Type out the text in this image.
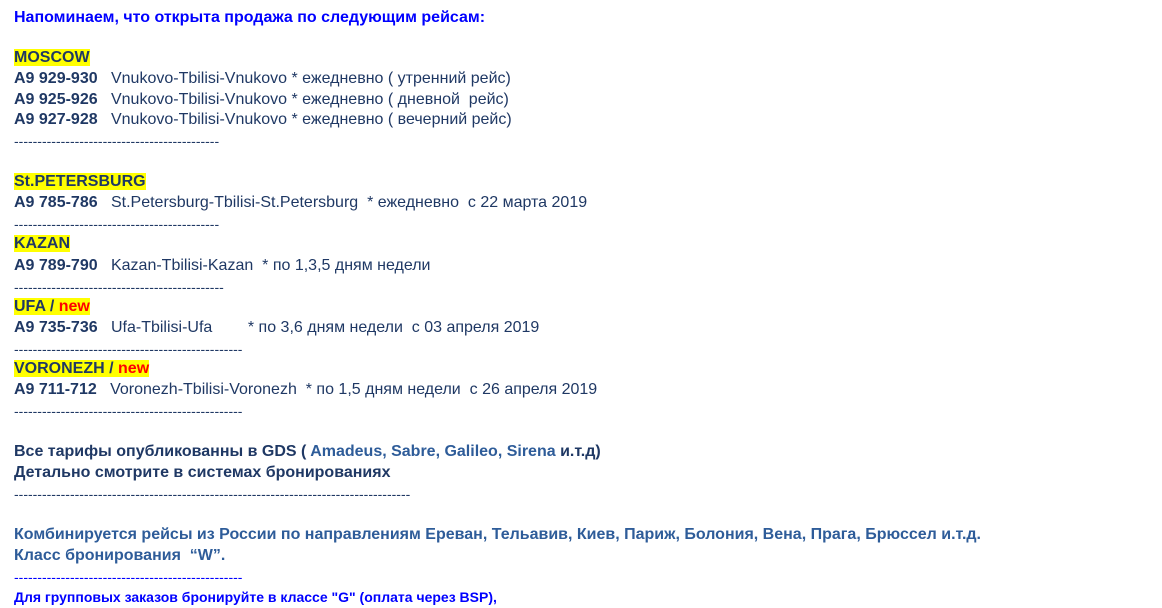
Напоминаем, что открыта продажа по следующим рейсам:
MOSCOW
A9 929-930 Vnukovo-Tbilisi-Vnukovo * ежедневно ( утренний рейс)
A9 925-926 Vnukovo-Tbilisi-Vnukovo * ежедневно ( дневной  рейс)
A9 927-928 Vnukovo-Tbilisi-Vnukovo * ежедневно ( вечерний рейс)
--------------------------------------------
St.PETERSBURG
A9 785-786 St.Petersburg-Tbilisi-St.Petersburg  * ежедневно  с 22 марта 2019
--------------------------------------------
KAZAN
A9 789-790 Kazan-Tbilisi-Kazan  * по 1,3,5 дням недели
---------------------------------------------
UFA / new
A9 735-736 Ufa-Tbilisi-Ufa        * по 3,6 дням недели  с 03 апреля 2019
-------------------------------------------------
VORONEZH / new
A9 711-712 Voronezh-Tbilisi-Voronezh  * по 1,5 дням недели  с 26 апреля 2019
-------------------------------------------------
Все тарифы опубликованны в GDS ( Amadeus, Sabre, Galileo, Sirena и.т.д)
Детально смотрите в системах бронированиях
-------------------------------------------------------------------------------------
Комбинируется рейсы из России по направлениям Ереван, Тельавив, Киев, Париж, Болония, Вена, Прага, Брюссел и.т.д.
Класс бронирования  “W”.
-------------------------------------------------
Для групповых заказов бронируйте в классе "G" (оплата через BSP),
